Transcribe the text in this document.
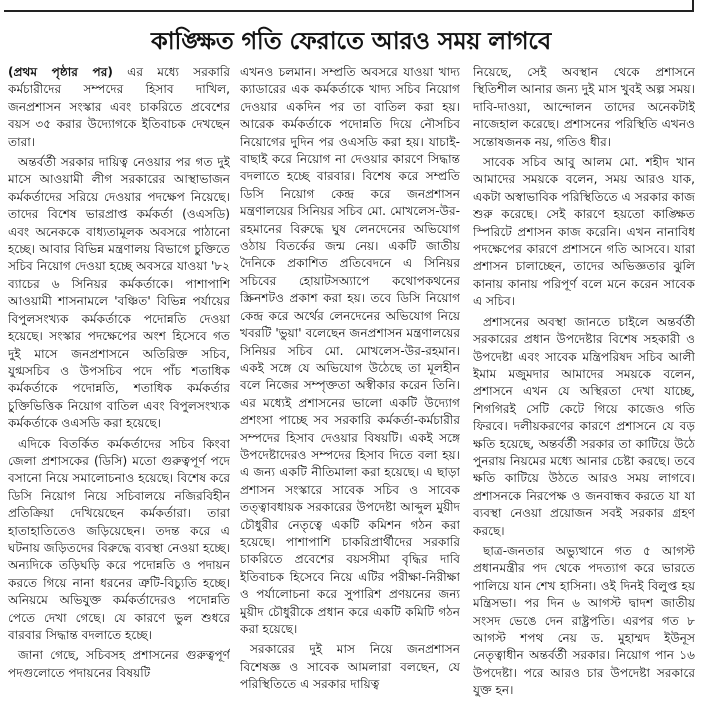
কাঙ্ক্ষিত গতি ফেরাতে আরও সময় লাগবে

(প্রথম পৃষ্ঠার পর) এর মধ্যে সরকারি কর্মচারীদের সম্পদের হিসাব দাখিল, জনপ্রশাসন সংস্কার এবং চাকরিতে প্রবেশের বয়স ৩৫ করার উদ্যোগকে ইতিবাচক দেখছেন তারা।

অন্তর্বর্তী সরকার দায়িত্ব নেওয়ার পর গত দুই মাসে আওয়ামী লীগ সরকারের আস্থাভাজন কর্মকর্তাদের সরিয়ে দেওয়ার পদক্ষেপ নিয়েছে। তাদের বিশেষ ভারপ্রাপ্ত কর্মকর্তা (ওএসডি) এবং অনেককে বাধ্যতামূলক অবসরে পাঠানো হচ্ছে। আবার বিভিন্ন মন্ত্রণালয় বিভাগে চুক্তিতে সচিব নিয়োগ দেওয়া হচ্ছে অবসরে যাওয়া '৮২ ব্যাচের ৬ সিনিয়র কর্মকর্তাকে। পাশাপাশি আওয়ামী শাসনামলে 'বঞ্চিত' বিভিন্ন পর্যায়ের বিপুলসংখ্যক কর্মকর্তাকে পদোন্নতি দেওয়া হয়েছে। সংস্কার পদক্ষেপের অংশ হিসেবে গত দুই মাসে জনপ্রশাসনে অতিরিক্ত সচিব, যুগ্মসচিব ও উপসচিব পদে পাঁচ শতাধিক কর্মকর্তাকে পদোন্নতি, শতাধিক কর্মকর্তার চুক্তিভিত্তিক নিয়োগ বাতিল এবং বিপুলসংখ্যক কর্মকর্তাকে ওএসডি করা হয়েছে।

এদিকে বিতর্কিত কর্মকর্তাদের সচিব কিংবা জেলা প্রশাসকের (ডিসি) মতো গুরুত্বপূর্ণ পদে বসানো নিয়ে সমালোচনাও হয়েছে। বিশেষ করে ডিসি নিয়োগ নিয়ে সচিবালয়ে নজিরবিহীন প্রতিক্রিয়া দেখিয়েছেন কর্মকর্তারা। তারা হাতাহাতিতেও জড়িয়েছেন। তদন্ত করে এ ঘটনায় জড়িতদের বিরুদ্ধে ব্যবস্থা নেওয়া হচ্ছে। অন্যদিকে তড়িঘড়ি করে পদোন্নতি ও পদায়ন করতে গিয়ে নানা ধরনের ত্রুটি-বিচ্যুতি হচ্ছে। অনিয়মে অভিযুক্ত কর্মকর্তাদেরও পদোন্নতি পেতে দেখা গেছে। যে কারণে ভুল শুধরে বারবার সিদ্ধান্ত বদলাতে হচ্ছে।

জানা গেছে, সচিবসহ প্রশাসনের গুরুত্বপূর্ণ পদগুলোতে পদায়নের বিষয়টি

এখনও চলমান। সম্প্রতি অবসরে যাওয়া খাদ্য ক্যাডারের এক কর্মকর্তাকে খাদ্য সচিব নিয়োগ দেওয়ার একদিন পর তা বাতিল করা হয়। আরেক কর্মকর্তাকে পদোন্নতি দিয়ে নৌসচিব নিয়োগের দুদিন পর ওএসডি করা হয়। যাচাই-বাছাই করে নিয়োগ না দেওয়ার কারণে সিদ্ধান্ত বদলাতে হচ্ছে বারবার। বিশেষ করে সম্প্রতি ডিসি নিয়োগ কেন্দ্র করে জনপ্রশাসন মন্ত্রণালয়ের সিনিয়র সচিব মো. মোখলেস-উর-রহমানের বিরুদ্ধে ঘুষ লেনদেনের অভিযোগ ওঠায় বিতর্কের জন্ম নেয়। একটি জাতীয় দৈনিকে প্রকাশিত প্রতিবেদনে এ সিনিয়র সচিবের হোয়াটসঅ্যাপে কথোপকথনের স্ক্রিনশটও প্রকাশ করা হয়। তবে ডিসি নিয়োগ কেন্দ্র করে অর্থের লেনদেনের অভিযোগ নিয়ে খবরটি 'ভুয়া' বলেছেন জনপ্রশাসন মন্ত্রণালয়ের সিনিয়র সচিব মো. মোখলেস-উর-রহমান। একই সঙ্গে যে অভিযোগ উঠেছে তা মূলহীন বলে নিজের সম্পৃক্ততা অস্বীকার করেন তিনি। এর মধ্যেই প্রশাসনের ভালো একটি উদ্যোগ প্রশংসা পাচ্ছে সব সরকারি কর্মকর্তা-কর্মচারীর সম্পদের হিসাব দেওয়ার বিষয়টি। একই সঙ্গে উপদেষ্টাদেরও সম্পদের হিসাব দিতে বলা হয়। এ জন্য একটি নীতিমালা করা হয়েছে। এ ছাড়া প্রশাসন সংস্কারে সাবেক সচিব ও সাবেক তত্ত্বাবধায়ক সরকারের উপদেষ্টা আব্দুল মুয়ীদ চৌধুরীর নেতৃত্বে একটি কমিশন গঠন করা হয়েছে। পাশাপাশি চাকরিপ্রার্থীদের সরকারি চাকরিতে প্রবেশের বয়সসীমা বৃদ্ধির দাবি ইতিবাচক হিসেবে নিয়ে এটির পরীক্ষা-নিরীক্ষা ও পর্যালোচনা করে সুপারিশ প্রণয়নের জন্য মুয়ীদ চৌধুরীকে প্রধান করে একটি কমিটি গঠন করা হয়েছে।

সরকারের দুই মাস নিয়ে জনপ্রশাসন বিশেষজ্ঞ ও সাবেক আমলারা বলছেন, যে পরিস্থিতিতে এ সরকার দায়িত্ব

নিয়েছে, সেই অবস্থান থেকে প্রশাসনে স্থিতিশীল আনার জন্য দুই মাস খুবই অল্প সময়। দাবি-দাওয়া, আন্দোলন তাদের অনেকটাই নাজেহাল করেছে। প্রশাসনের পরিস্থিতি এখনও সন্তোষজনক নয়, গতিও ধীর।

সাবেক সচিব আবু আলম মো. শহীদ খান আমাদের সময়কে বলেন, সময় আরও যাক, একটা অস্বাভাবিক পরিস্থিতিতে এ সরকার কাজ শুরু করেছে। সেই কারণে হয়তো কাঙ্ক্ষিত স্পিরিটে প্রশাসন কাজ করেনি। এখন নানাবিধ পদক্ষেপের কারণে প্রশাসনে গতি আসবে। যারা প্রশাসন চালাচ্ছেন, তাদের অভিজ্ঞতার ঝুলি কানায় কানায় পরিপূর্ণ বলে মনে করেন সাবেক এ সচিব।

প্রশাসনের অবস্থা জানতে চাইলে অন্তর্বর্তী সরকারের প্রধান উপদেষ্টার বিশেষ সহকারী ও উপদেষ্টা এবং সাবেক মন্ত্রিপরিষদ সচিব আলী ইমাম মজুমদার আমাদের সময়কে বলেন, প্রশাসনে এখন যে অস্থিরতা দেখা যাচ্ছে, শিগগিরই সেটি কেটে গিয়ে কাজেও গতি ফিরবে। দলীয়করণের কারণে প্রশাসনে যে বড় ক্ষতি হয়েছে, অন্তর্বর্তী সরকার তা কাটিয়ে উঠে পুনরায় নিয়মের মধ্যে আনার চেষ্টা করছে। তবে ক্ষতি কাটিয়ে উঠতে আরও সময় লাগবে। প্রশাসনকে নিরপেক্ষ ও জনবান্ধব করতে যা যা ব্যবস্থা নেওয়া প্রয়োজন সবই সরকার গ্রহণ করছে।

ছাত্র-জনতার অভ্যুত্থানে গত ৫ আগস্ট প্রধানমন্ত্রীর পদ থেকে পদত্যাগ করে ভারতে পালিয়ে যান শেখ হাসিনা। ওই দিনই বিলুপ্ত হয় মন্ত্রিসভা। পর দিন ৬ আগস্ট দ্বাদশ জাতীয় সংসদ ভেঙে দেন রাষ্ট্রপতি। এরপর গত ৮ আগস্ট শপথ নেয় ড. মুহাম্মদ ইউনূস নেতৃত্বাধীন অন্তর্বর্তী সরকার। নিয়োগ পান ১৬ উপদেষ্টা। পরে আরও চার উপদেষ্টা সরকারে যুক্ত হন।
